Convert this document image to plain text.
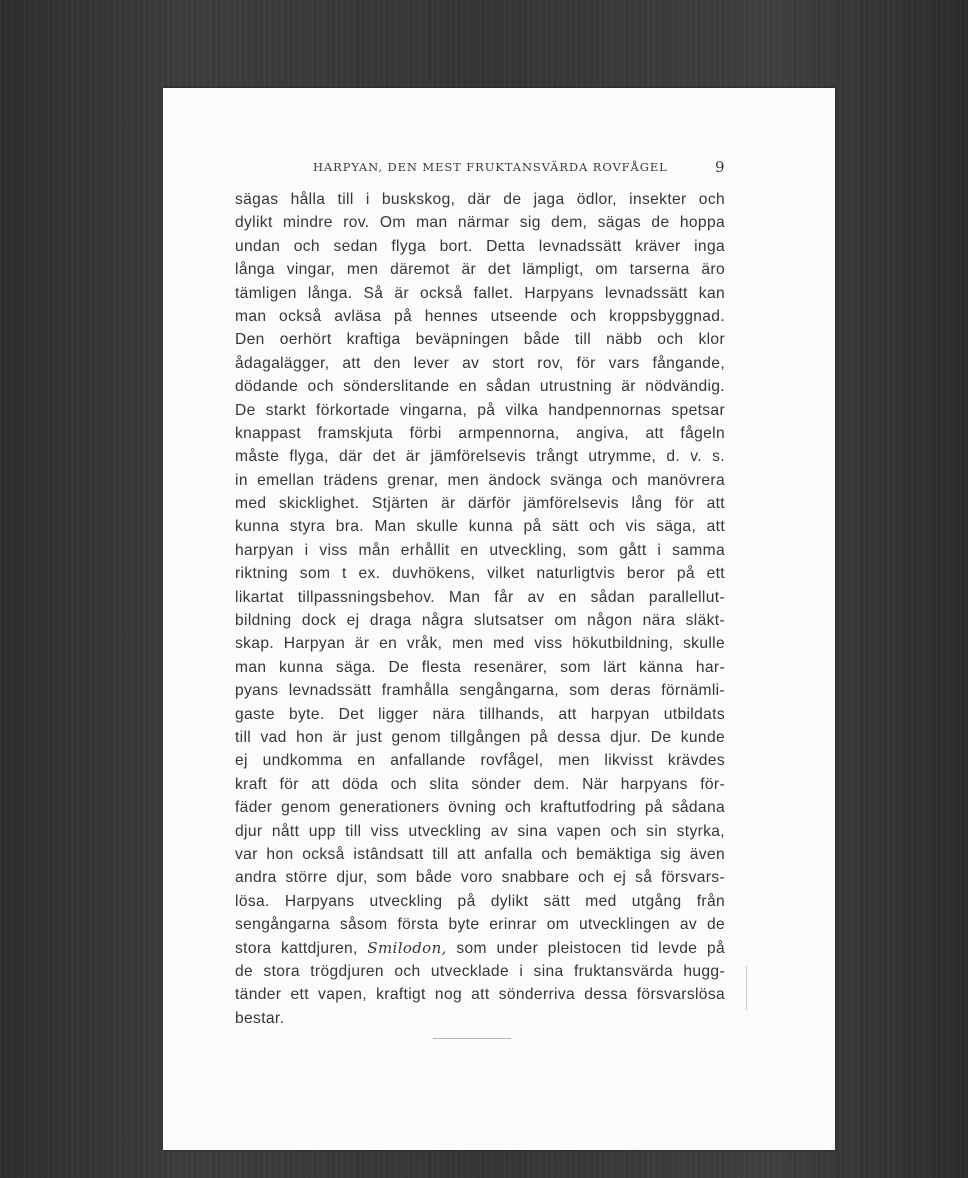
HARPYAN, DEN MEST FRUKTANSVÄRDA ROVFÅGEL	9
sägas hålla till i buskskog, där de jaga ödlor, insekter och
dylikt mindre rov. Om man närmar sig dem, sägas de hoppa
undan och sedan flyga bort. Detta levnadssätt kräver inga
långa vingar, men däremot är det lämpligt, om tarserna äro
tämligen långa. Så är också fallet. Harpyans levnadssätt kan
man också avläsa på hennes utseende och kroppsbyggnad.
Den oerhört kraftiga beväpningen både till näbb och klor
ådagalägger, att den lever av stort rov, för vars fångande,
dödande och sönderslitande en sådan utrustning är nödvändig.
De starkt förkortade vingarna, på vilka handpennornas spetsar
knappast framskjuta förbi armpennorna, angiva, att fågeln
måste flyga, där det är jämförelsevis trångt utrymme, d. v. s.
in emellan trädens grenar, men ändock svänga och manövrera
med skicklighet. Stjärten är därför jämförelsevis lång för att
kunna styra bra. Man skulle kunna på sätt och vis säga, att
harpyan i viss mån erhållit en utveckling, som gått i samma
riktning som t ex. duvhökens, vilket naturligtvis beror på ett
likartat tillpassningsbehov. Man får av en sådan parallellut-
bildning dock ej draga några slutsatser om någon nära släkt-
skap. Harpyan är en vråk, men med viss hökutbildning, skulle
man kunna säga. De flesta resenärer, som lärt känna har-
pyans levnadssätt framhålla sengångarna, som deras förnämli-
gaste byte. Det ligger nära tillhands, att harpyan utbildats
till vad hon är just genom tillgången på dessa djur. De kunde
ej undkomma en anfallande rovfågel, men likvisst krävdes
kraft för att döda och slita sönder dem. När harpyans för-
fäder genom generationers övning och kraftutfodring på sådana
djur nått upp till viss utveckling av sina vapen och sin styrka,
var hon också istândsatt till att anfalla och bemäktiga sig även
andra större djur, som både voro snabbare och ej så försvars-
lösa. Harpyans utveckling på dylikt sätt med utgång från
sengångarna såsom första byte erinrar om utvecklingen av de
stora kattdjuren, Smilodon, som under pleistocen tid levde på
de stora trögdjuren och utvecklade i sina fruktansvärda hugg-
tänder ett vapen, kraftigt nog att sönderriva dessa försvarslösa
bestar.
